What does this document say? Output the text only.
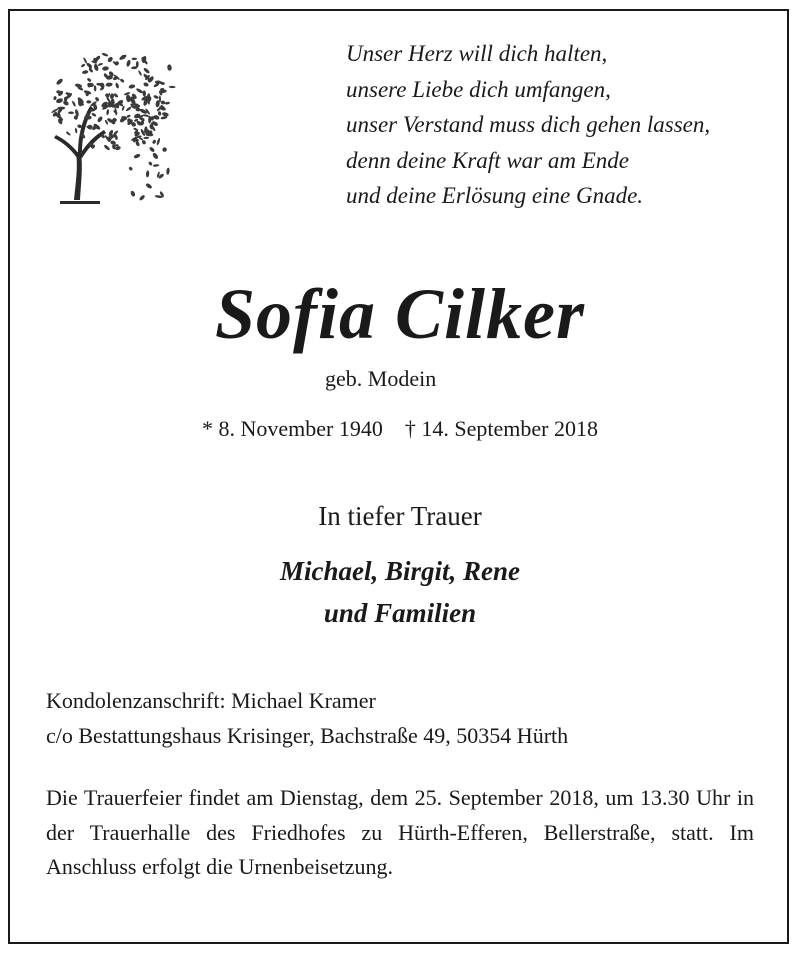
Unser Herz will dich halten,
unsere Liebe dich umfangen,
unser Verstand muss dich gehen lassen,
denn deine Kraft war am Ende
und deine Erlösung eine Gnade.
Sofia Cilker
geb. Modein
* 8. November 1940 † 14. September 2018
In tiefer Trauer
Michael, Birgit, Rene
und Familien
Kondolenzanschrift: Michael Kramer
c/o Bestattungshaus Krisinger, Bachstraße 49, 50354 Hürth
Die Trauerfeier findet am Dienstag, dem 25. September 2018, um 13.30 Uhr in der Trauerhalle des Friedhofes zu Hürth-Efferen, Bellerstraße, statt. Im Anschluss erfolgt die Urnenbeisetzung.
